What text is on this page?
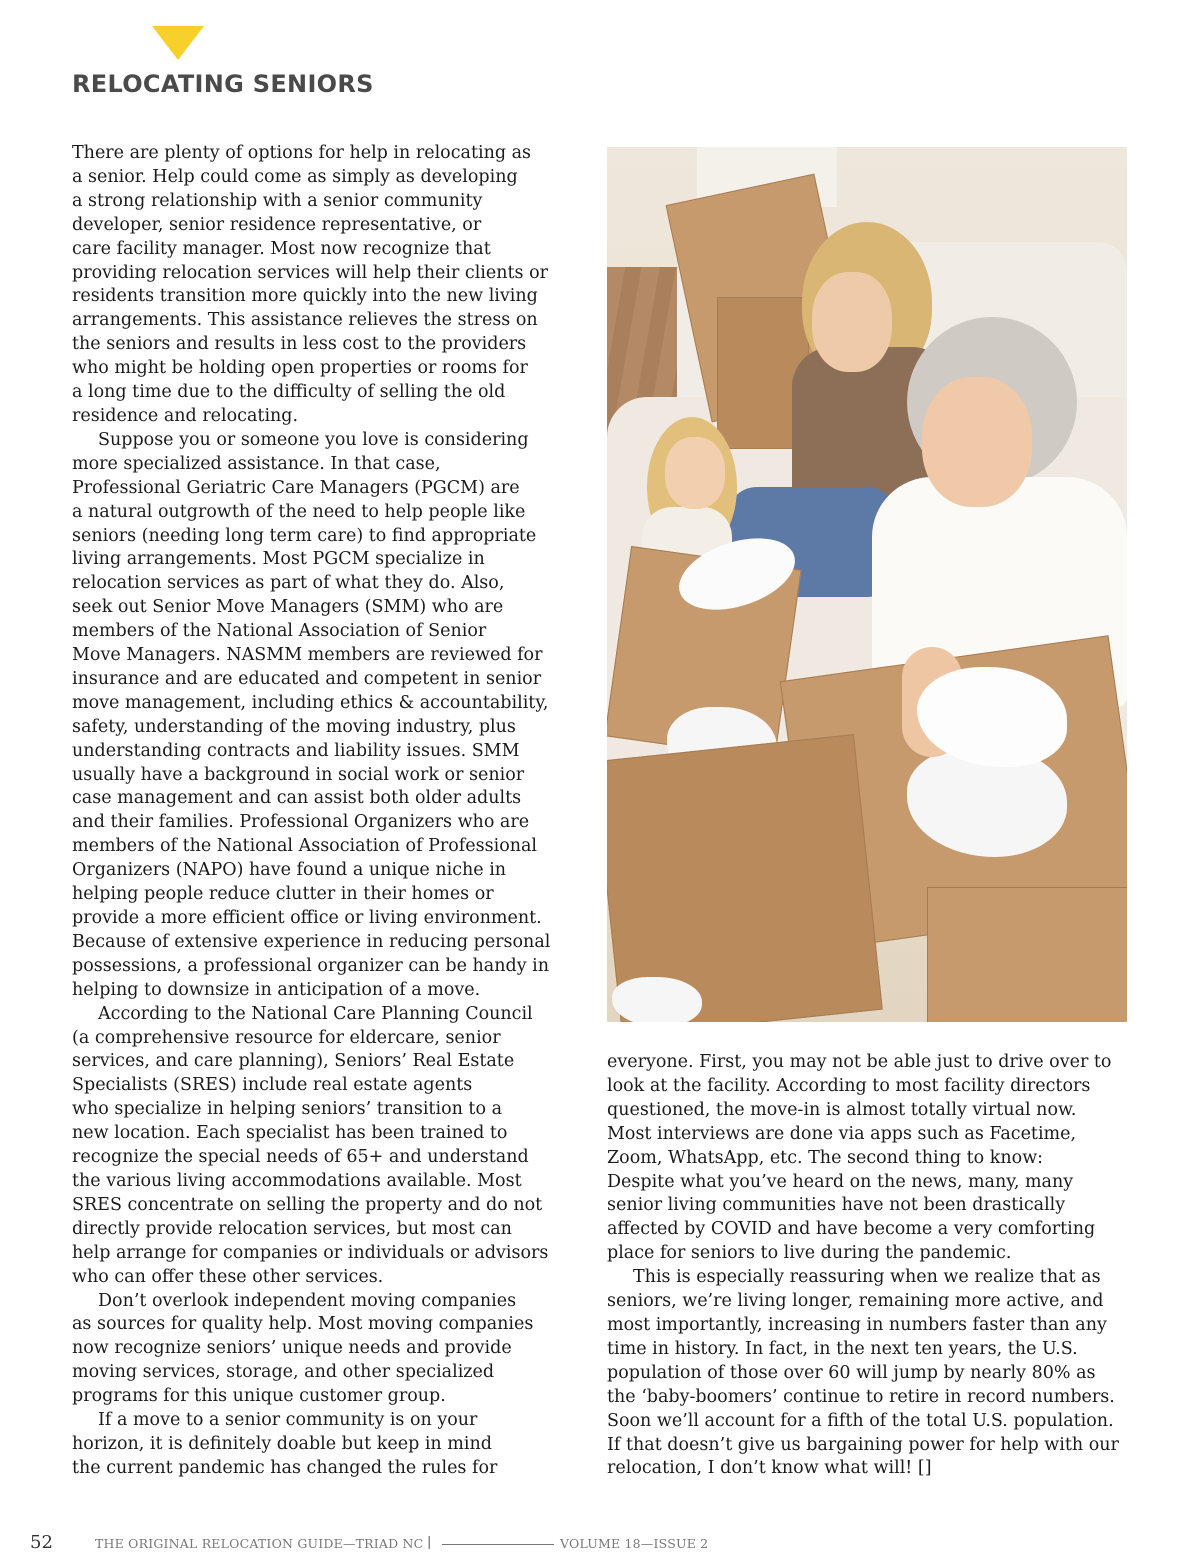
RELOCATING SENIORS

There are plenty of options for help in relocating as
a senior. Help could come as simply as developing
a strong relationship with a senior community
developer, senior residence representative, or
care facility manager. Most now recognize that
providing relocation services will help their clients or
residents transition more quickly into the new living
arrangements. This assistance relieves the stress on
the seniors and results in less cost to the providers
who might be holding open properties or rooms for
a long time due to the difficulty of selling the old
residence and relocating.

Suppose you or someone you love is considering
more specialized assistance. In that case,
Professional Geriatric Care Managers (PGCM) are
a natural outgrowth of the need to help people like
seniors (needing long term care) to find appropriate
living arrangements. Most PGCM specialize in
relocation services as part of what they do. Also,
seek out Senior Move Managers (SMM) who are
members of the National Association of Senior
Move Managers. NASMM members are reviewed for
insurance and are educated and competent in senior
move management, including ethics & accountability,
safety, understanding of the moving industry, plus
understanding contracts and liability issues. SMM
usually have a background in social work or senior
case management and can assist both older adults
and their families. Professional Organizers who are
members of the National Association of Professional
Organizers (NAPO) have found a unique niche in
helping people reduce clutter in their homes or
provide a more efficient office or living environment.
Because of extensive experience in reducing personal
possessions, a professional organizer can be handy in
helping to downsize in anticipation of a move.

According to the National Care Planning Council
(a comprehensive resource for eldercare, senior
services, and care planning), Seniors’ Real Estate
Specialists (SRES) include real estate agents
who specialize in helping seniors’ transition to a
new location. Each specialist has been trained to
recognize the special needs of 65+ and understand
the various living accommodations available. Most
SRES concentrate on selling the property and do not
directly provide relocation services, but most can
help arrange for companies or individuals or advisors
who can offer these other services.

Don’t overlook independent moving companies
as sources for quality help. Most moving companies
now recognize seniors’ unique needs and provide
moving services, storage, and other specialized
programs for this unique customer group.

If a move to a senior community is on your
horizon, it is definitely doable but keep in mind
the current pandemic has changed the rules for

everyone. First, you may not be able just to drive over to
look at the facility. According to most facility directors
questioned, the move-in is almost totally virtual now.
Most interviews are done via apps such as Facetime,
Zoom, WhatsApp, etc. The second thing to know:
Despite what you’ve heard on the news, many, many
senior living communities have not been drastically
affected by COVID and have become a very comforting
place for seniors to live during the pandemic.

This is especially reassuring when we realize that as
seniors, we’re living longer, remaining more active, and
most importantly, increasing in numbers faster than any
time in history. In fact, in the next ten years, the U.S.
population of those over 60 will jump by nearly 80% as
the ‘baby-boomers’ continue to retire in record numbers.
Soon we’ll account for a fifth of the total U.S. population.
If that doesn’t give us bargaining power for help with our
relocation, I don’t know what will! []

52	THE ORIGINAL RELOCATION GUIDE—TRIAD NC |	VOLUME 18—ISSUE 2
